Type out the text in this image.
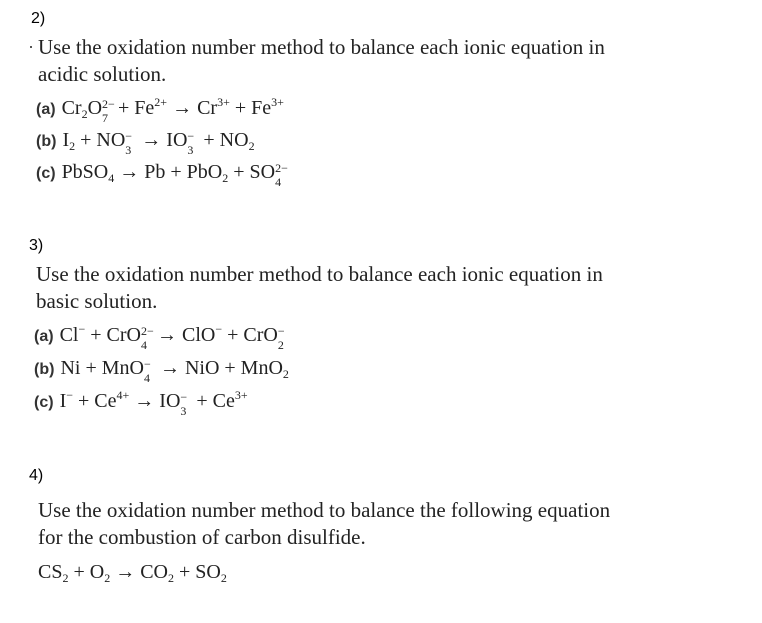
2)
Use the oxidation number method to balance each ionic equation in
acidic solution.
(a) $Cr_2O$ 2−
$7 + Fe^{2+} \to Cr^{3+} + Fe^{3+}$
(b) $I_2$ + NO −
3 → IO −
$3 + NO_2$
(c) PbSO$_4$ → Pb + PbO$_2$ + SO 2−
4
3)
Use the oxidation number method to balance each ionic equation in
basic solution.
(a) Cl− + CrO 2−
4 → ClO− + CrO −
2
(b) Ni + MnO −
4 → NiO + MnO$_2$
(c) $I^- + Ce^{4+}$ → IO −
$3 + Ce^{3+}$
4)
Use the oxidation number method to balance the following equation
for the combustion of carbon disulfide.
$CS_2 + O_2 \to CO_2 + SO_2$
